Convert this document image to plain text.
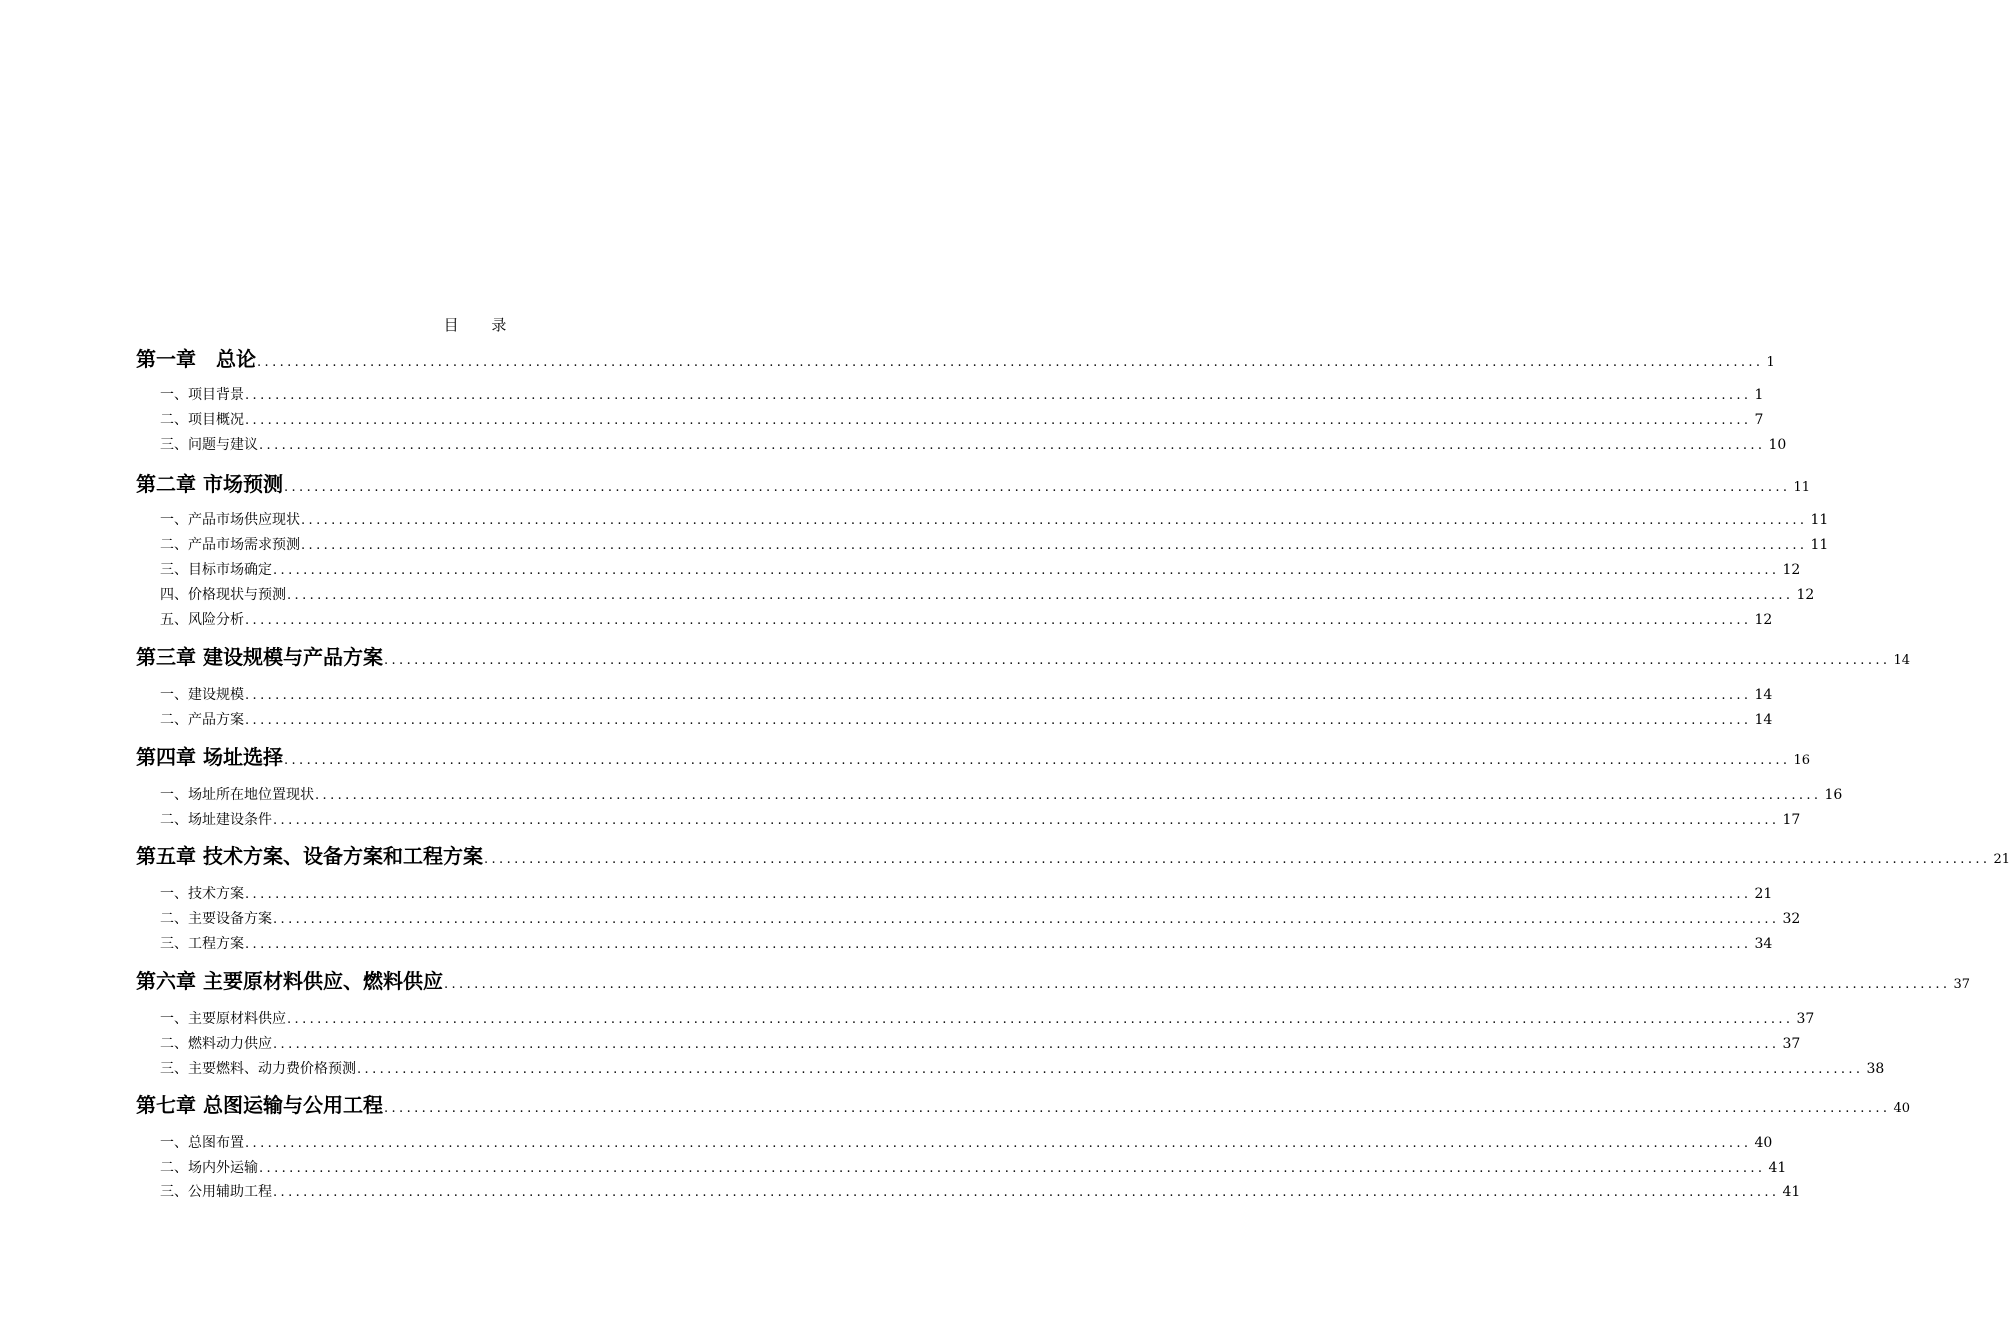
目 录
第一章　总论 ........................................................................................................................................................................................................ 1
一、项目背景 ........................................................................................................................................................................................................ 1
二、项目概况 ........................................................................................................................................................................................................ 7
三、问题与建议 ........................................................................................................................................................................................................ 10
第二章 市场预测 ........................................................................................................................................................................................................ 11
一、产品市场供应现状 ........................................................................................................................................................................................................ 11
二、产品市场需求预测 ........................................................................................................................................................................................................ 11
三、目标市场确定 ........................................................................................................................................................................................................ 12
四、价格现状与预测 ........................................................................................................................................................................................................ 12
五、风险分析 ........................................................................................................................................................................................................ 12
第三章 建设规模与产品方案 ........................................................................................................................................................................................................ 14
一、建设规模 ........................................................................................................................................................................................................ 14
二、产品方案 ........................................................................................................................................................................................................ 14
第四章 场址选择 ........................................................................................................................................................................................................ 16
一、场址所在地位置现状 ........................................................................................................................................................................................................ 16
二、场址建设条件 ........................................................................................................................................................................................................ 17
第五章 技术方案、设备方案和工程方案 ........................................................................................................................................................................................................ 21
一、技术方案 ........................................................................................................................................................................................................ 21
二、主要设备方案 ........................................................................................................................................................................................................ 32
三、工程方案 ........................................................................................................................................................................................................ 34
第六章 主要原材料供应、燃料供应 ........................................................................................................................................................................................................ 37
一、主要原材料供应 ........................................................................................................................................................................................................ 37
二、燃料动力供应 ........................................................................................................................................................................................................ 37
三、主要燃料、动力费价格预测 ........................................................................................................................................................................................................ 38
第七章 总图运输与公用工程 ........................................................................................................................................................................................................ 40
一、总图布置 ........................................................................................................................................................................................................ 40
二、场内外运输 ........................................................................................................................................................................................................ 41
三、公用辅助工程 ........................................................................................................................................................................................................ 41
